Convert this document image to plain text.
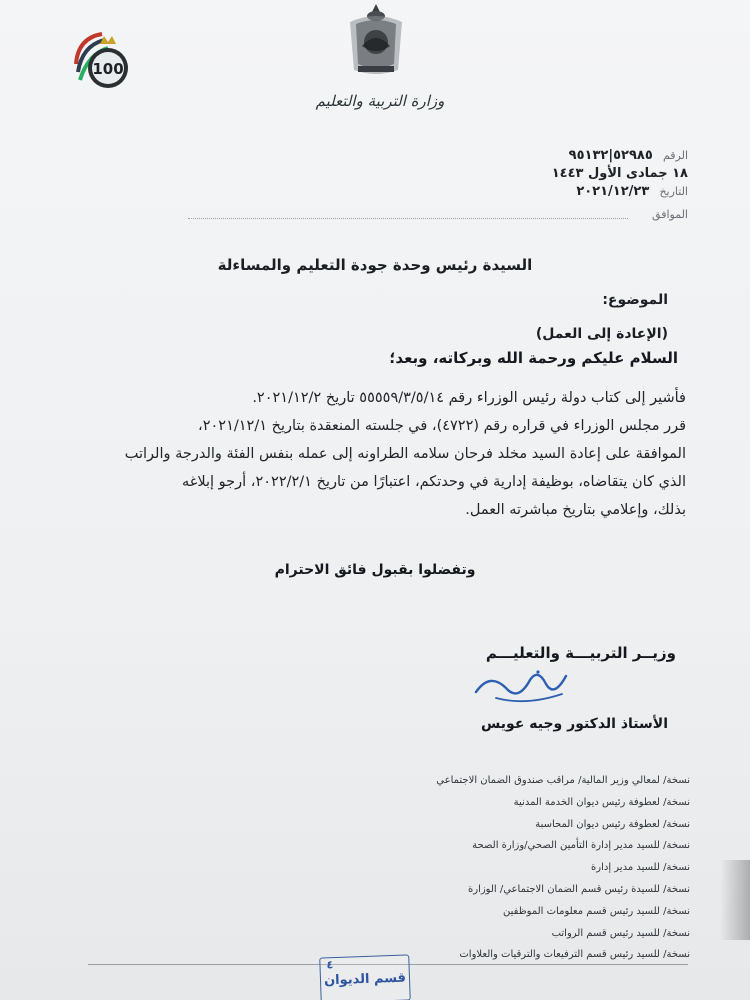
وزارة التربية والتعليم
100
الرقم ٥٢٩٨٥|٩٥١٣٢
١٨ جمادى الأول ١٤٤٣
التاريخ ٢٠٢١/١٢/٢٣
الموافق
السيدة رئيس وحدة جودة التعليم والمساءلة
الموضوع:
(الإعادة إلى العمل)
السلام عليكم ورحمة الله وبركاته، وبعد؛

فأشير إلى كتاب دولة رئيس الوزراء رقم ٥٥٥٥٩/٣/٥/١٤ تاريخ ٢٠٢١/١٢/٢.

قرر مجلس الوزراء في قراره رقم (٤٧٢٢)، في جلسته المنعقدة بتاريخ ٢٠٢١/١٢/١،

الموافقة على إعادة السيد مخلد فرحان سلامه الطراونه إلى عمله بنفس الفئة والدرجة والراتب

الذي كان يتقاضاه، بوظيفة إدارية في وحدتكم، اعتبارًا من تاريخ ٢٠٢٢/٢/١، أرجو إبلاغه

بذلك، وإعلامي بتاريخ مباشرته العمل.

وتفضلوا بقبول فائق الاحترام
وزيــر التربيـــة والتعليـــم
الأستاذ الدكتور وجيه عويس
نسخة/ لمعالي وزير المالية/ مراقب صندوق الضمان الاجتماعي
نسخة/ لعطوفة رئيس ديوان الخدمة المدنية
نسخة/ لعطوفة رئيس ديوان المحاسبة
نسخة/ للسيد مدير إدارة التأمين الصحي/وزارة الصحة
نسخة/ للسيد مدير إدارة
نسخة/ للسيدة رئيس قسم الضمان الاجتماعي/ الوزارة
نسخة/ للسيد رئيس قسم معلومات الموظفين
نسخة/ للسيد رئيس قسم الرواتب
نسخة/ للسيد رئيس قسم الترفيعات والترقيات والعلاوات
٤
قسم الديوان
